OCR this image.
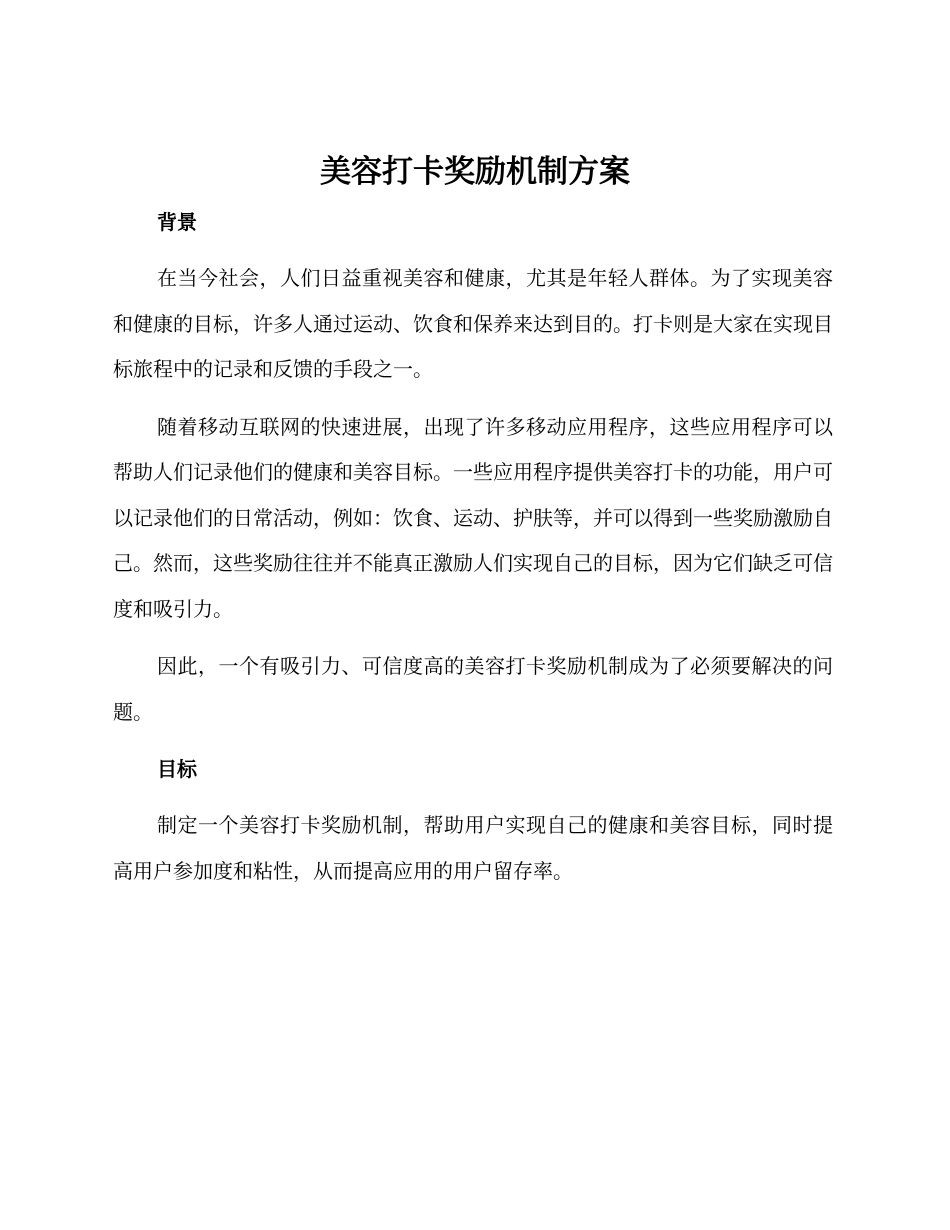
美容打卡奖励机制方案
背景

在当今社会，人们日益重视美容和健康，尤其是年轻人群体。为了实现美容和健康的目标，许多人通过运动、饮食和保养来达到目的。打卡则是大家在实现目标旅程中的记录和反馈的手段之一。

随着移动互联网的快速进展，出现了许多移动应用程序，这些应用程序可以帮助人们记录他们的健康和美容目标。一些应用程序提供美容打卡的功能，用户可以记录他们的日常活动，例如：饮食、运动、护肤等，并可以得到一些奖励激励自己。然而，这些奖励往往并不能真正激励人们实现自己的目标，因为它们缺乏可信度和吸引力。

因此，一个有吸引力、可信度高的美容打卡奖励机制成为了必须要解决的问题。

目标

制定一个美容打卡奖励机制，帮助用户实现自己的健康和美容目标，同时提高用户参加度和粘性，从而提高应用的用户留存率。
